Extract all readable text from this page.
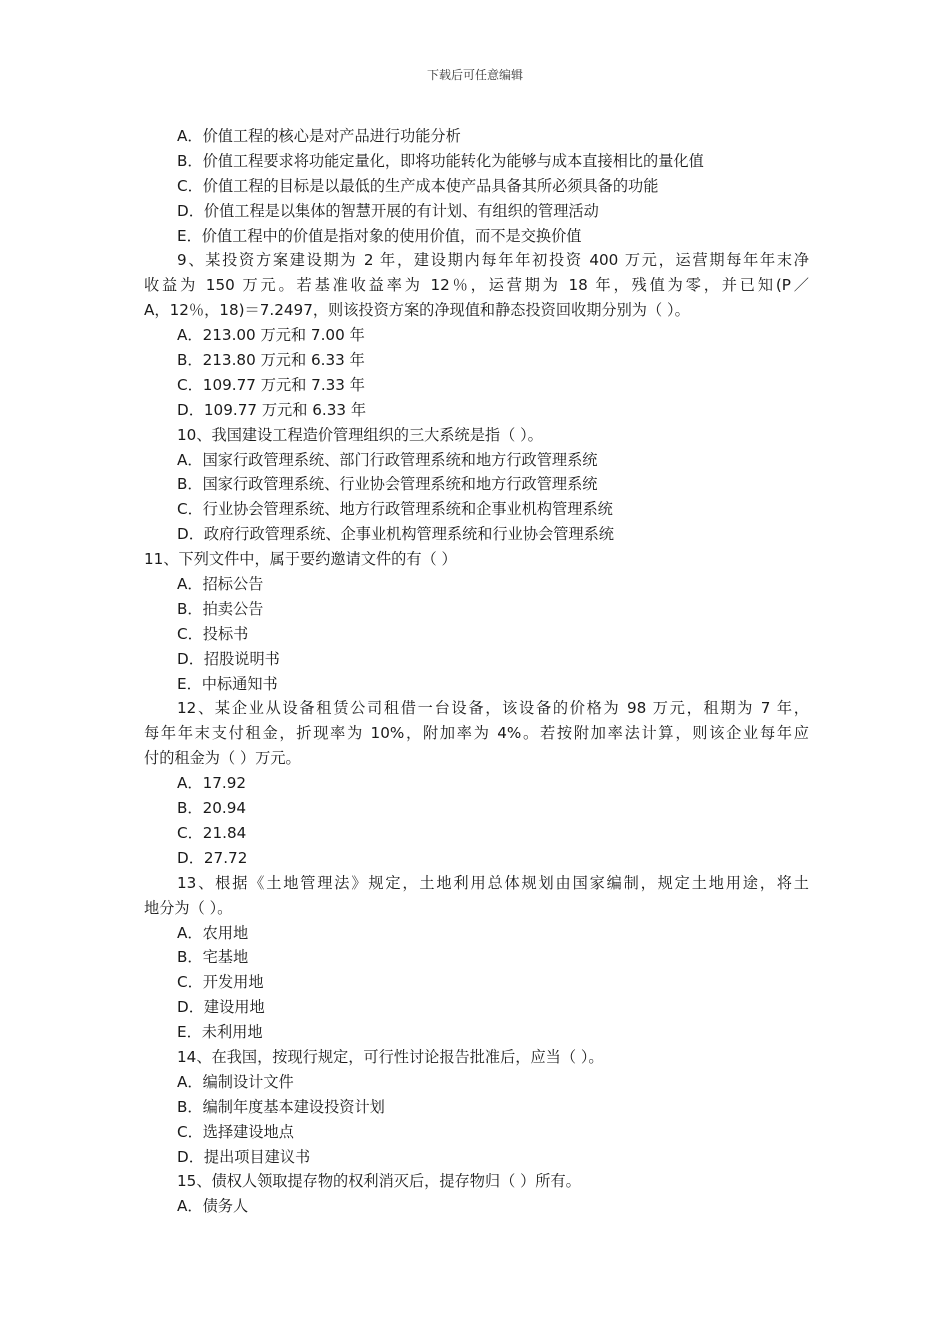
下载后可任意编辑
A．价值工程的核心是对产品进行功能分析
B．价值工程要求将功能定量化，即将功能转化为能够与成本直接相比的量化值
C．价值工程的目标是以最低的生产成本使产品具备其所必须具备的功能
D．价值工程是以集体的智慧开展的有计划、有组织的管理活动
E．价值工程中的价值是指对象的使用价值，而不是交换价值
9、某投资方案建设期为 2 年，建设期内每年年初投资 400 万元，运营期每年年末净
收益为 150 万元。若基准收益率为 12％，运营期为 18 年，残值为零，并已知(P／
A，12％，18)＝7.2497，则该投资方案的净现值和静态投资回收期分别为（ ）。
A．213.00 万元和 7.00 年
B．213.80 万元和 6.33 年
C．109.77 万元和 7.33 年
D．109.77 万元和 6.33 年
10、我国建设工程造价管理组织的三大系统是指（ ）。
A．国家行政管理系统、部门行政管理系统和地方行政管理系统
B．国家行政管理系统、行业协会管理系统和地方行政管理系统
C．行业协会管理系统、地方行政管理系统和企事业机构管理系统
D．政府行政管理系统、企事业机构管理系统和行业协会管理系统
11、下列文件中，属于要约邀请文件的有（ ）
A．招标公告
B．拍卖公告
C．投标书
D．招股说明书
E．中标通知书
12、某企业从设备租赁公司租借一台设备，该设备的价格为 98 万元，租期为 7 年，
每年年末支付租金，折现率为 10%，附加率为 4%。若按附加率法计算，则该企业每年应
付的租金为（ ）万元。
A．17.92
B．20.94
C．21.84
D．27.72
13、根据《土地管理法》规定，土地利用总体规划由国家编制，规定土地用途，将土
地分为（ ）。
A．农用地
B．宅基地
C．开发用地
D．建设用地
E．未利用地
14、在我国，按现行规定，可行性讨论报告批准后，应当（ ）。
A．编制设计文件
B．编制年度基本建设投资计划
C．选择建设地点
D．提出项目建议书
15、债权人领取提存物的权利消灭后，提存物归（ ）所有。
A．债务人
